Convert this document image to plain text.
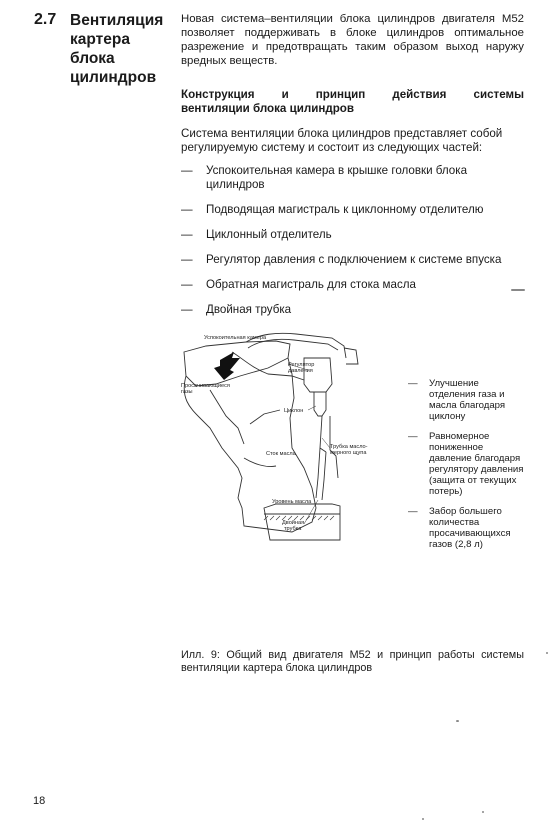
2.7 Вентиляция картера блока цилиндров
Новая система–вентиляции блока цилиндров двигателя М52 позволяет поддерживать в блоке цилиндров оптимальное разрежение и предотвращать таким образом выход наружу вредных веществ.
Конструкция и принцип действия системы
вентиляции блока цилиндров
Система вентиляции блока цилиндров представляет собой регулируемую систему и состоит из следующих частей:
— Успокоительная камера в крышке головки блока цилиндров
— Подводящая магистраль к циклонному отделителю
— Циклонный отделитель
— Регулятор давления с подключением к системе впуска
— Обратная магистраль для стока масла
— Двойная трубка
Успокоительная камера
Регулятор
давления
Просачивающиеся
газы
Циклон
Сток масла
Трубка масло-
мерного щупа
Уровень масла
Двойная
трубка
— Улучшение отделения газа и масла благодаря циклону
— Равномерное пониженное давление благодаря регулятору давления (защита от текущих потерь)
— Забор большего количества просачивающихся газов (2,8 л)
Илл. 9: Общий вид двигателя М52 и принцип работы системы
вентиляции картера блока цилиндров
18
